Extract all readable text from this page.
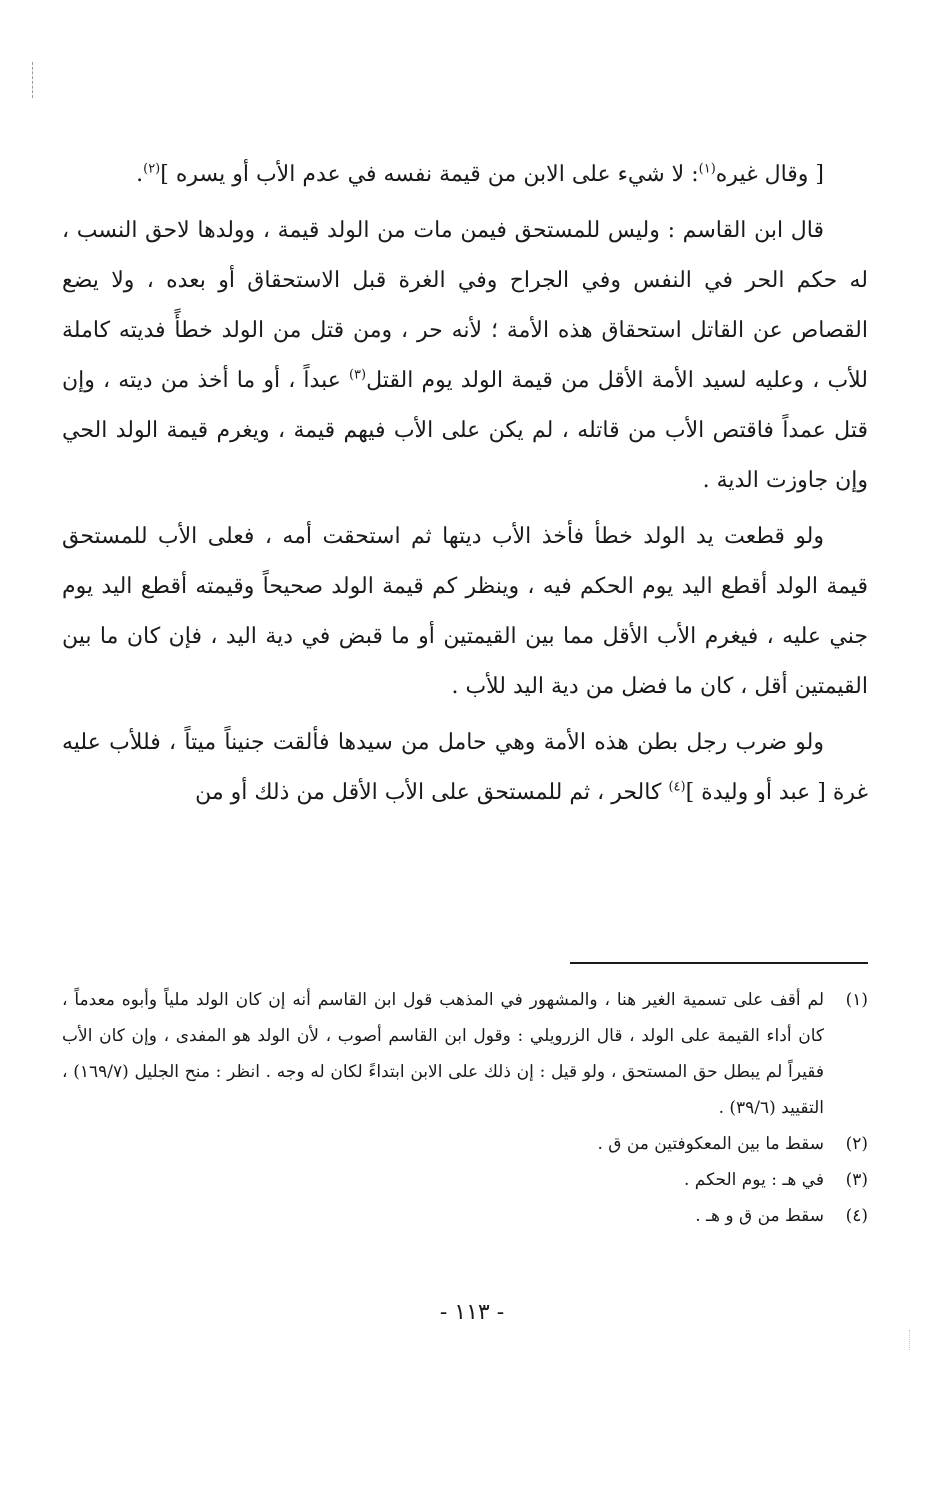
[ وقال غيره$^{(١)}$: لا شيء على الابن من قيمة نفسه في عدم الأب أو يسره ]$^{(٢)}$.

قال ابن القاسم : وليس للمستحق فيمن مات من الولد قيمة ، وولدها لاحق النسب ، له حكم الحر في النفس وفي الجراح وفي الغرة قبل الاستحقاق أو بعده ، ولا يضع القصاص عن القاتل استحقاق هذه الأمة ؛ لأنه حر ، ومن قتل من الولد خطأً فديته كاملة للأب ، وعليه لسيد الأمة الأقل من قيمة الولد يوم القتل$^{(٣)}$ عبداً ، أو ما أخذ من ديته ، وإن قتل عمداً فاقتص الأب من قاتله ، لم يكن على الأب فيهم قيمة ، ويغرم قيمة الولد الحي وإن جاوزت الدية .

ولو قطعت يد الولد خطأ فأخذ الأب ديتها ثم استحقت أمه ، فعلى الأب للمستحق قيمة الولد أقطع اليد يوم الحكم فيه ، وينظر كم قيمة الولد صحيحاً وقيمته أقطع اليد يوم جني عليه ، فيغرم الأب الأقل مما بين القيمتين أو ما قبض في دية اليد ، فإن كان ما بين القيمتين أقل ، كان ما فضل من دية اليد للأب .

ولو ضرب رجل بطن هذه الأمة وهي حامل من سيدها فألقت جنيناً ميتاً ، فللأب عليه غرة [ عبد أو وليدة ]$^{(٤)}$ كالحر ، ثم للمستحق على الأب الأقل من ذلك أو من

(١)
لم أقف على تسمية الغير هنا ، والمشهور في المذهب قول ابن القاسم أنه إن كان الولد ملياً وأبوه معدماً ، كان أداء القيمة على الولد ، قال الزرويلي : وقول ابن القاسم أصوب ، لأن الولد هو المفدى ، وإن كان الأب فقيراً لم يبطل حق المستحق ، ولو قيل : إن ذلك على الابن ابتداءً لكان له وجه . انظر : منح الجليل (١٦٩/٧) ، التقييد (٣٩/٦) .
(٢)
سقط ما بين المعكوفتين من ق .
(٣)
في هـ : يوم الحكم .
(٤)
سقط من ق و هـ .
- ١١٣ -
